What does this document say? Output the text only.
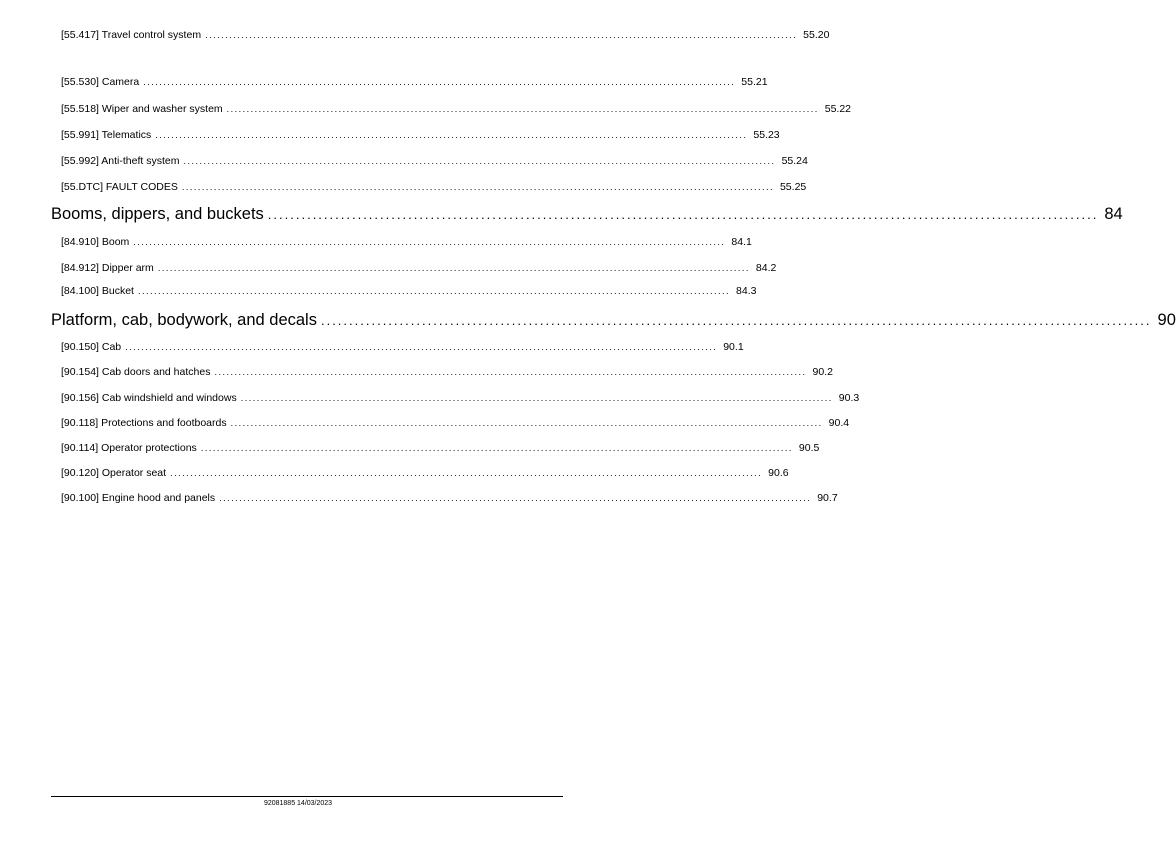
[55.417] Travel control system .................................................................................................................................................... 55.20
[55.530] Camera .................................................................................................................................................... 55.21
[55.518] Wiper and washer system .................................................................................................................................................... 55.22
[55.991] Telematics .................................................................................................................................................... 55.23
[55.992] Anti-theft system .................................................................................................................................................... 55.24
[55.DTC] FAULT CODES .................................................................................................................................................... 55.25
Booms, dippers, and buckets .................................................................................................................................................... 84
[84.910] Boom .................................................................................................................................................... 84.1
[84.912] Dipper arm .................................................................................................................................................... 84.2
[84.100] Bucket .................................................................................................................................................... 84.3
Platform, cab, bodywork, and decals .................................................................................................................................................... 90
[90.150] Cab .................................................................................................................................................... 90.1
[90.154] Cab doors and hatches .................................................................................................................................................... 90.2
[90.156] Cab windshield and windows .................................................................................................................................................... 90.3
[90.118] Protections and footboards .................................................................................................................................................... 90.4
[90.114] Operator protections .................................................................................................................................................... 90.5
[90.120] Operator seat .................................................................................................................................................... 90.6
[90.100] Engine hood and panels .................................................................................................................................................... 90.7
92081885 14/03/2023
